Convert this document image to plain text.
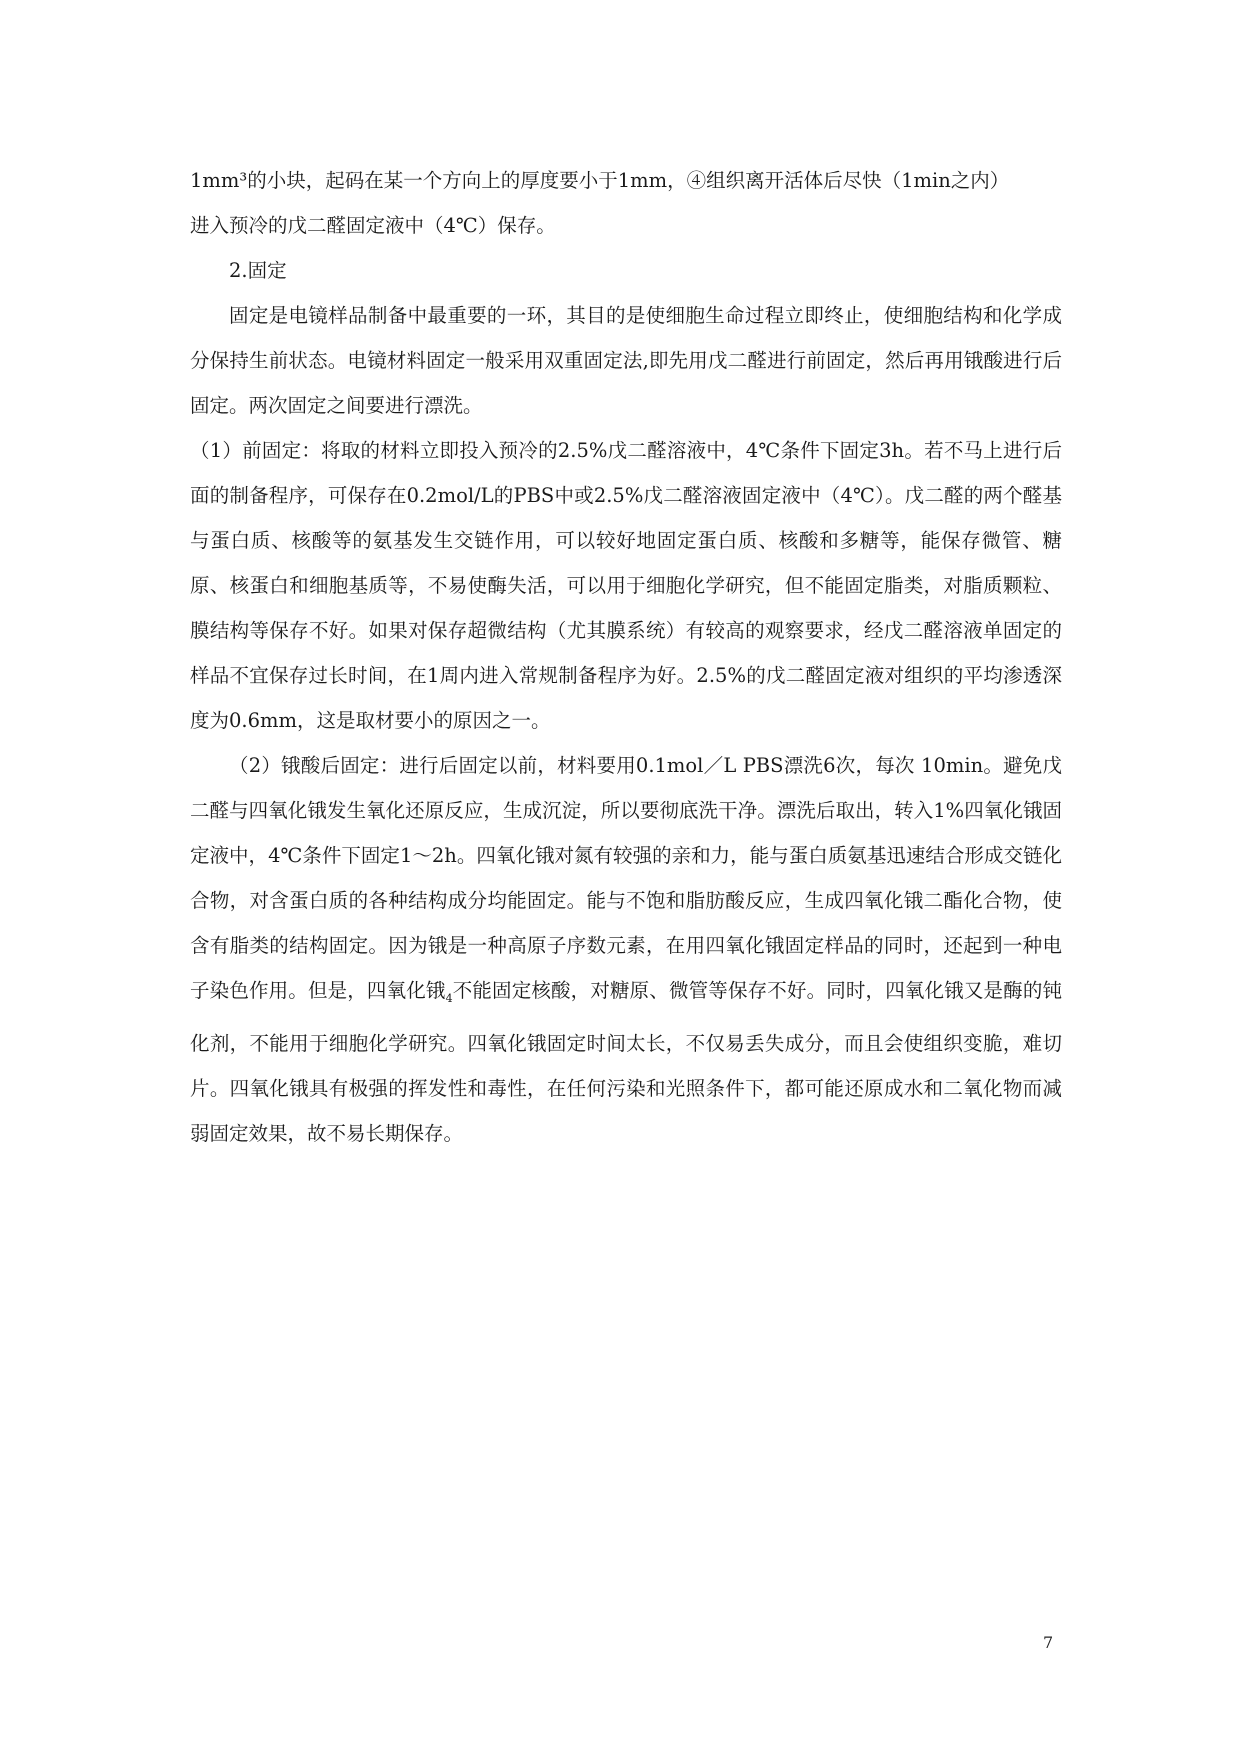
1mm³的小块，起码在某一个方向上的厚度要小于1mm，④组织离开活体后尽快（1min之内）

进入预冷的戊二醛固定液中（4℃）保存。

2.固定

固定是电镜样品制备中最重要的一环，其目的是使细胞生命过程立即终止，使细胞结构和化学成分保持生前状态。电镜材料固定一般采用双重固定法,即先用戊二醛进行前固定，然后再用锇酸进行后固定。两次固定之间要进行漂洗。

（1）前固定：将取的材料立即投入预冷的2.5%戊二醛溶液中，4℃条件下固定3h。若不马上进行后面的制备程序，可保存在0.2mol/L的PBS中或2.5%戊二醛溶液固定液中（4℃）。戊二醛的两个醛基与蛋白质、核酸等的氨基发生交链作用，可以较好地固定蛋白质、核酸和多糖等，能保存微管、糖原、核蛋白和细胞基质等，不易使酶失活，可以用于细胞化学研究，但不能固定脂类，对脂质颗粒、膜结构等保存不好。如果对保存超微结构（尤其膜系统）有较高的观察要求，经戊二醛溶液单固定的样品不宜保存过长时间，在1周内进入常规制备程序为好。2.5%的戊二醛固定液对组织的平均渗透深度为0.6mm，这是取材要小的原因之一。

（2）锇酸后固定：进行后固定以前，材料要用0.1mol／L PBS漂洗6次，每次 10min。避免戊二醛与四氧化锇发生氧化还原反应，生成沉淀，所以要彻底洗干净。漂洗后取出，转入1%四氧化锇固定液中，4℃条件下固定1～2h。四氧化锇对氮有较强的亲和力，能与蛋白质氨基迅速结合形成交链化合物，对含蛋白质的各种结构成分均能固定。能与不饱和脂肪酸反应，生成四氧化锇二酯化合物，使含有脂类的结构固定。因为锇是一种高原子序数元素，在用四氧化锇固定样品的同时，还起到一种电子染色作用。但是，四氧化锇$_4$不能固定核酸，对糖原、微管等保存不好。同时，四氧化锇又是酶的钝化剂，不能用于细胞化学研究。四氧化锇固定时间太长，不仅易丢失成分，而且会使组织变脆，难切片。四氧化锇具有极强的挥发性和毒性，在任何污染和光照条件下，都可能还原成水和二氧化物而减弱固定效果，故不易长期保存。

7
